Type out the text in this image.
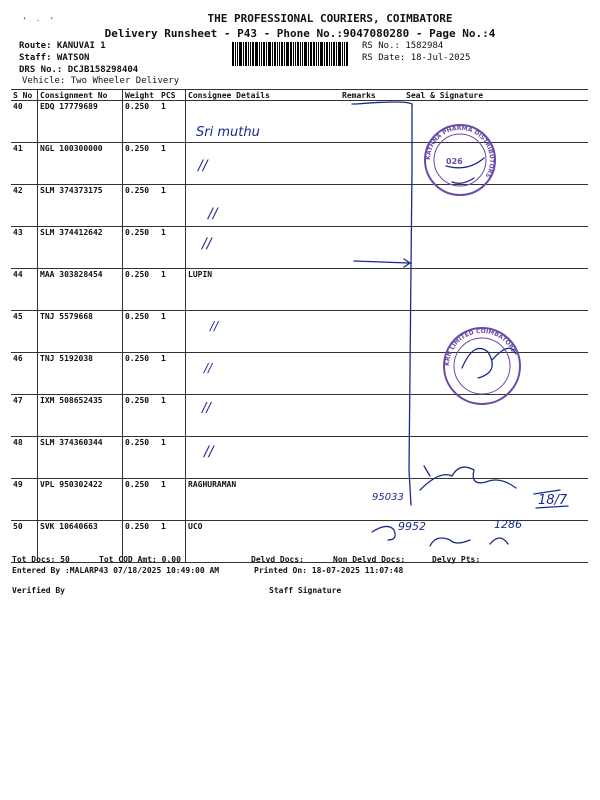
‘ · ’	THE PROFESSIONAL COURIERS, COIMBATORE
Delivery Runsheet - P43 - Phone No.:9047080280 - Page No.:4
Route: KANUVAI 1
Staff: WATSON
DRS No.: DCJB158298404
Vehicle: Two Wheeler Delivery
RS No.: 1582984
RS Date: 18-Jul-2025
S No	Consignment No	Weight	PCS	Consignee Details	Remarks	Seal & Signature
40	EDQ 17779689	0.250	1			
41	NGL 100300000	0.250	1			
42	SLM 374373175	0.250	1			
43	SLM 374412642	0.250	1			
44	MAA 303828454	0.250	1	LUPIN		
45	TNJ 5579668	0.250	1			
46	TNJ 5192038	0.250	1			
47	IXM 508652435	0.250	1			
48	SLM 374360344	0.250	1			
49	VPL 950302422	0.250	1	RAGHURAMAN		
50	SVK 10640663	0.250	1	UCO		
KATHNA PHARMA DISTRIBUTORS
026
KRN LIMITED COIMBATORE
Sri muthu
//
//
//
//
//
//
//
95033	18/7
9952	1286
Tot Docs: 50	Tot COD Amt: 0.00	Delvd Docs:	Non Delvd Docs:	Delvy Pts:
Entered By :MALARP43 07/18/2025 10:49:00 AM	Printed On: 18-07-2025 11:07:48
Verified By	Staff Signature
